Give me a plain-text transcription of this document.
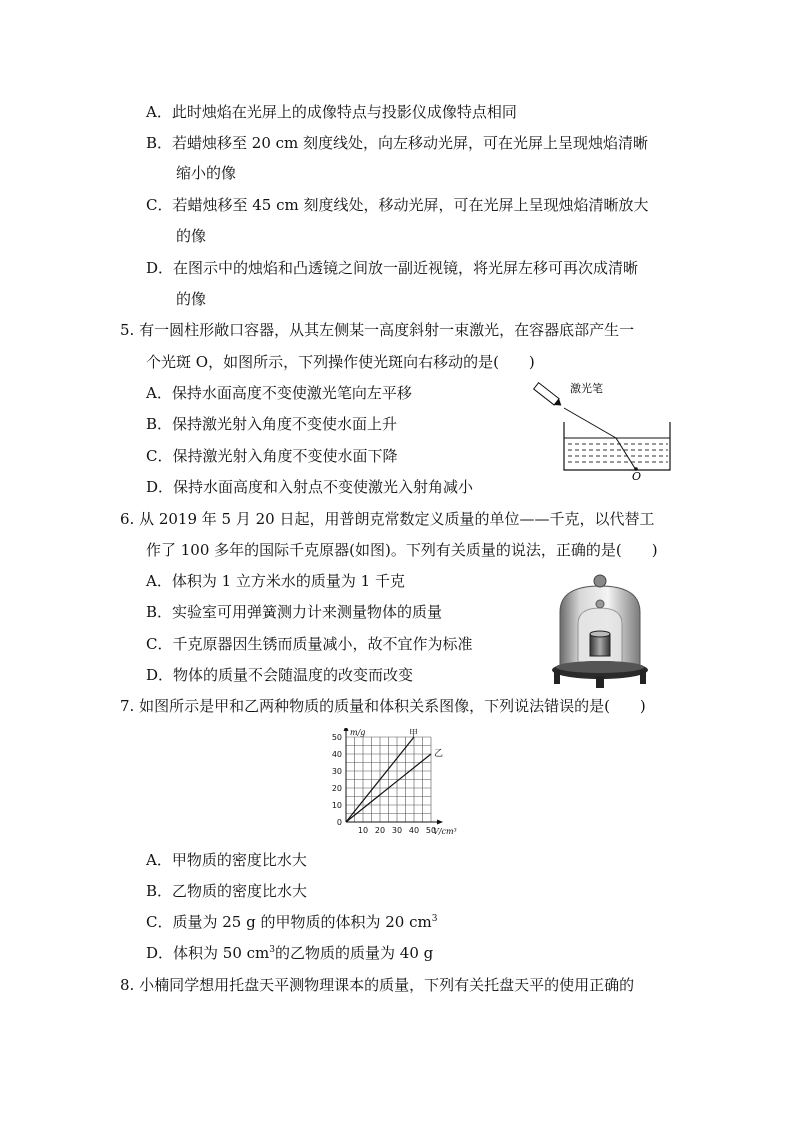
A．此时烛焰在光屏上的成像特点与投影仪成像特点相同
B．若蜡烛移至 20 cm 刻度线处，向左移动光屏，可在光屏上呈现烛焰清晰
缩小的像
C．若蜡烛移至 45 cm 刻度线处，移动光屏，可在光屏上呈现烛焰清晰放大
的像
D．在图示中的烛焰和凸透镜之间放一副近视镜，将光屏左移可再次成清晰
的像
5. 有一圆柱形敞口容器，从其左侧某一高度斜射一束激光，在容器底部产生一
个光斑 O，如图所示，下列操作使光斑向右移动的是(　　)
A．保持水面高度不变使激光笔向左平移
B．保持激光射入角度不变使水面上升
C．保持激光射入角度不变使水面下降
D．保持水面高度和入射点不变使激光入射角减小
激光笔
O
6. 从 2019 年 5 月 20 日起，用普朗克常数定义质量的单位——千克，以代替工
作了 100 多年的国际千克原器(如图)。下列有关质量的说法，正确的是(　　)
A．体积为 1 立方米水的质量为 1 千克
B．实验室可用弹簧测力计来测量物体的质量
C．千克原器因生锈而质量减小，故不宜作为标准
D．物体的质量不会随温度的改变而改变
7. 如图所示是甲和乙两种物质的质量和体积关系图像，下列说法错误的是(　　)
甲
乙
10 20 30 40 50
10
20
30
40
50
0
m/g
V/cm³
A．甲物质的密度比水大
B．乙物质的密度比水大
C．质量为 25 g 的甲物质的体积为 20 $cm^3$
D．体积为 50 $cm^3$的乙物质的质量为 40 g
8. 小楠同学想用托盘天平测物理课本的质量，下列有关托盘天平的使用正确的
